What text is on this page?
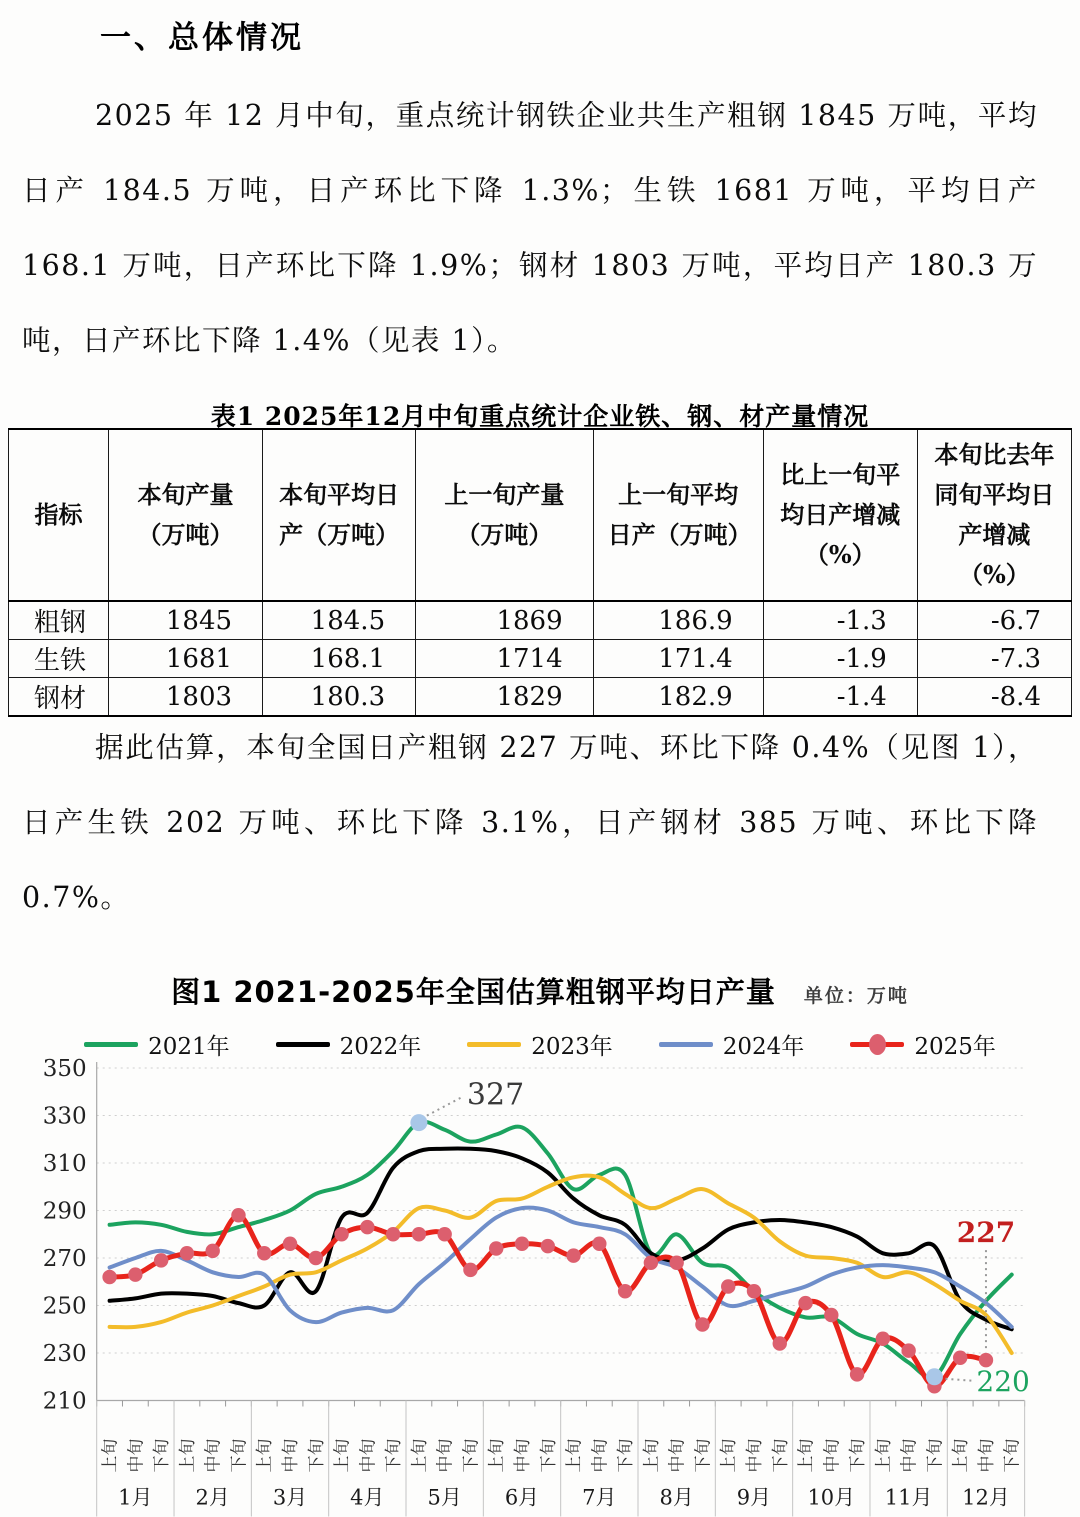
一、总体情况
2025 年 12 月中旬，重点统计钢铁企业共生产粗钢 1845 万吨，平均日产 184.5 万吨，日产环比下降 1.3%；生铁 1681 万吨，平均日产 168.1 万吨，日产环比下降 1.9%；钢材 1803 万吨，平均日产 180.3 万吨，日产环比下降 1.4%（见表 1）。
表1 2025年12月中旬重点统计企业铁、钢、材产量情况
指标	本旬产量（万吨）	本旬平均日产（万吨）	上一旬产量（万吨）	上一旬平均日产（万吨）	比上一旬平均日产增减（%）	本旬比去年同旬平均日产增减（%）
粗钢	1845	184.5	1869	186.9	-1.3	-6.7
生铁	1681	168.1	1714	171.4	-1.9	-7.3
钢材	1803	180.3	1829	182.9	-1.4	-8.4
据此估算，本旬全国日产粗钢 227 万吨、环比下降 0.4%（见图 1），日产生铁 202 万吨、环比下降 3.1%，日产钢材 385 万吨、环比下降 0.7%。
图1 2021-2025年全国估算粗钢平均日产量 单位：万吨
2021年	2022年	2023年	2024年	2025年
350
330
310
290
270
250
230
210
1月
上旬 中旬 下旬
2月
上旬 中旬 下旬
3月
上旬 中旬 下旬
4月
上旬 中旬 下旬
5月
上旬 中旬 下旬
6月
上旬 中旬 下旬
7月
上旬 中旬 下旬
8月
上旬 中旬 下旬
9月
上旬 中旬 下旬
10月
上旬 中旬 下旬
11月
上旬 中旬 下旬
12月
上旬 中旬 下旬
327
227
220
